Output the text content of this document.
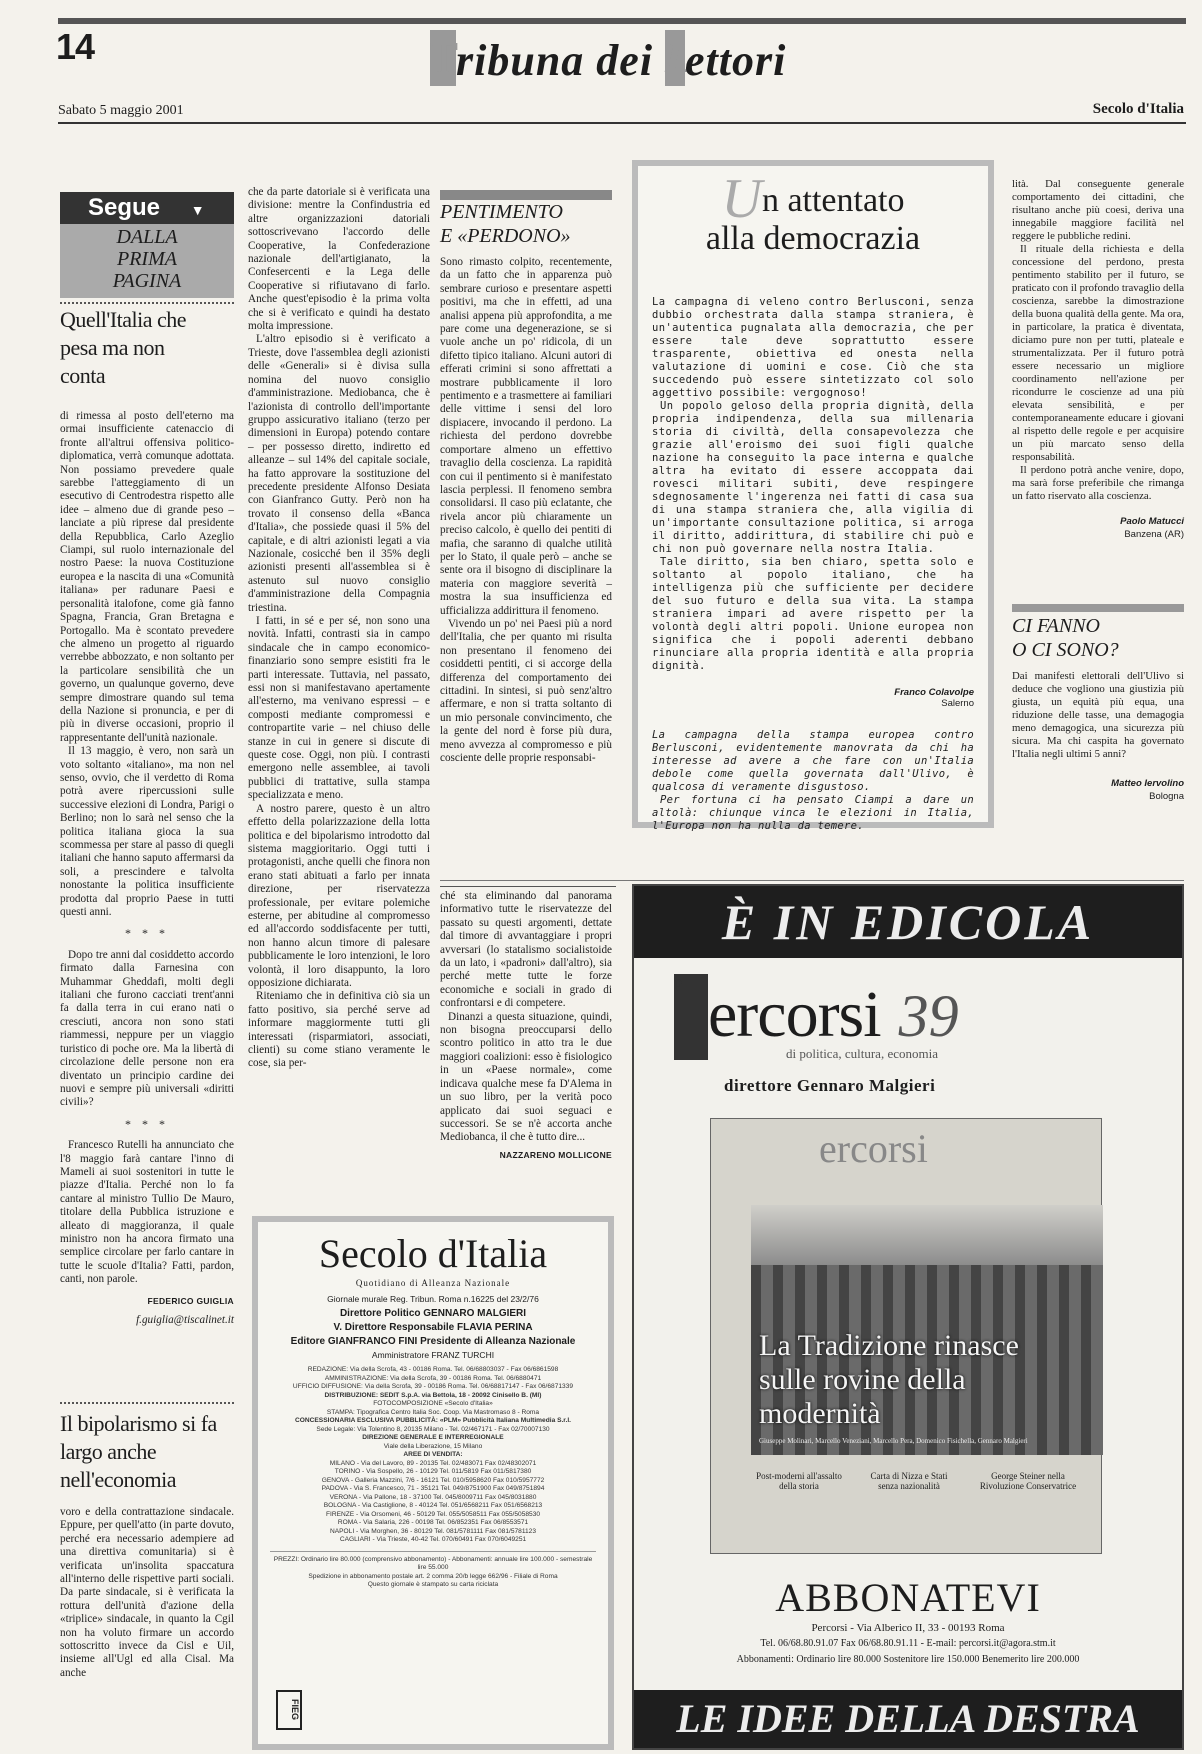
14	Tribuna dei Lettori
Sabato 5 maggio 2001	Secolo d'Italia
Segue ▼
DALLA
PRIMA
PAGINA
Quell'Italia che pesa ma non conta

di rimessa al posto dell'eterno ma ormai insufficiente catenaccio di fronte all'altrui offensiva politico-diplomatica, verrà comunque adottata. Non possiamo prevedere quale sarebbe l'atteggiamento di un esecutivo di Centrodestra rispetto alle idee – almeno due di grande peso – lanciate a più riprese dal presidente della Repubblica, Carlo Azeglio Ciampi, sul ruolo internazionale del nostro Paese: la nuova Costituzione europea e la nascita di una «Comunità italiana» per radunare Paesi e personalità italofone, come già fanno Spagna, Francia, Gran Bretagna e Portogallo. Ma è scontato prevedere che almeno un progetto al riguardo verrebbe abbozzato, e non soltanto per la particolare sensibilità che un governo, un qualunque governo, deve sempre dimostrare quando sul tema della Nazione si pronuncia, e per di più in diverse occasioni, proprio il rappresentante dell'unità nazionale.

Il 13 maggio, è vero, non sarà un voto soltanto «italiano», ma non nel senso, ovvio, che il verdetto di Roma potrà avere ripercussioni sulle successive elezioni di Londra, Parigi o Berlino; non lo sarà nel senso che la politica italiana gioca la sua scommessa per stare al passo di quegli italiani che hanno saputo affermarsi da soli, a prescindere e talvolta nonostante la politica insufficiente prodotta dal proprio Paese in tutti questi anni.

* * *

Dopo tre anni dal cosiddetto accordo firmato dalla Farnesina con Muhammar Gheddafi, molti degli italiani che furono cacciati trent'anni fa dalla terra in cui erano nati o cresciuti, ancora non sono stati riammessi, neppure per un viaggio turistico di poche ore. Ma la libertà di circolazione delle persone non era diventato un principio cardine dei nuovi e sempre più universali «diritti civili»?

* * *

Francesco Rutelli ha annunciato che l'8 maggio farà cantare l'inno di Mameli ai suoi sostenitori in tutte le piazze d'Italia. Perché non lo fa cantare al ministro Tullio De Mauro, titolare della Pubblica istruzione e alleato di maggioranza, il quale ministro non ha ancora firmato una semplice circolare per farlo cantare in tutte le scuole d'Italia? Fatti, pardon, canti, non parole.

FEDERICO GUIGLIA
f.guiglia@tiscalinet.it
Il bipolarismo si fa largo anche nell'economia

voro e della contrattazione sindacale. Eppure, per quell'atto (in parte dovuto, perché era necessario adempiere ad una direttiva comunitaria) si è verificata un'insolita spaccatura all'interno delle rispettive parti sociali. Da parte sindacale, si è verificata la rottura dell'unità d'azione della «triplice» sindacale, in quanto la Cgil non ha voluto firmare un accordo sottoscritto invece da Cisl e Uil, insieme all'Ugl ed alla Cisal. Ma anche

che da parte datoriale si è verificata una divisione: mentre la Confindustria ed altre organizzazioni datoriali sottoscrivevano l'accordo delle Cooperative, la Confederazione nazionale dell'artigianato, la Confesercenti e la Lega delle Cooperative si rifiutavano di farlo. Anche quest'episodio è la prima volta che si è verificato e quindi ha destato molta impressione.

L'altro episodio si è verificato a Trieste, dove l'assemblea degli azionisti delle «Generali» si è divisa sulla nomina del nuovo consiglio d'amministrazione. Mediobanca, che è l'azionista di controllo dell'importante gruppo assicurativo italiano (terzo per dimensioni in Europa) potendo contare – per possesso diretto, indiretto ed alleanze – sul 14% del capitale sociale, ha fatto approvare la sostituzione del precedente presidente Alfonso Desiata con Gianfranco Gutty. Però non ha trovato il consenso della «Banca d'Italia», che possiede quasi il 5% del capitale, e di altri azionisti legati a via Nazionale, cosicché ben il 35% degli azionisti presenti all'assemblea si è astenuto sul nuovo consiglio d'amministrazione della Compagnia triestina.

I fatti, in sé e per sé, non sono una novità. Infatti, contrasti sia in campo sindacale che in campo economico-finanziario sono sempre esistiti fra le parti interessate. Tuttavia, nel passato, essi non si manifestavano apertamente all'esterno, ma venivano espressi – e composti mediante compromessi e contropartite varie – nel chiuso delle stanze in cui in genere si discute di queste cose. Oggi, non più. I contrasti emergono nelle assemblee, ai tavoli pubblici di trattative, sulla stampa specializzata e meno.

A nostro parere, questo è un altro effetto della polarizzazione della lotta politica e del bipolarismo introdotto dal sistema maggioritario. Oggi tutti i protagonisti, anche quelli che finora non erano stati abituati a farlo per innata direzione, per riservatezza professionale, per evitare polemiche esterne, per abitudine al compromesso ed all'accordo soddisfacente per tutti, non hanno alcun timore di palesare pubblicamente le loro intenzioni, le loro volontà, il loro disappunto, la loro opposizione dichiarata.

Riteniamo che in definitiva ciò sia un fatto positivo, sia perché serve ad informare maggiormente tutti gli interessati (risparmiatori, associati, clienti) su come stiano veramente le cose, sia per-

PENTIMENTO
E «PERDONO»

Sono rimasto colpito, recentemente, da un fatto che in apparenza può sembrare curioso e presentare aspetti positivi, ma che in effetti, ad una analisi appena più approfondita, a me pare come una degenerazione, se si vuole anche un po' ridicola, di un difetto tipico italiano. Alcuni autori di efferati crimini si sono affrettati a mostrare pubblicamente il loro pentimento e a trasmettere ai familiari delle vittime i sensi del loro dispiacere, invocando il perdono. La richiesta del perdono dovrebbe comportare almeno un effettivo travaglio della coscienza. La rapidità con cui il pentimento si è manifestato lascia perplessi. Il fenomeno sembra consolidarsi. Il caso più eclatante, che rivela ancor più chiaramente un preciso calcolo, è quello dei pentiti di mafia, che saranno di qualche utilità per lo Stato, il quale però – anche se sente ora il bisogno di disciplinare la materia con maggiore severità – mostra la sua insufficienza ed ufficializza addirittura il fenomeno.

Vivendo un po' nei Paesi più a nord dell'Italia, che per quanto mi risulta non presentano il fenomeno dei cosiddetti pentiti, ci si accorge della differenza del comportamento dei cittadini. In sintesi, si può senz'altro affermare, e non si tratta soltanto di un mio personale convincimento, che la gente del nord è forse più dura, meno avvezza al compromesso e più cosciente delle proprie responsabi-

ché sta eliminando dal panorama informativo tutte le riservatezze del passato su questi argomenti, dettate dal timore di avvantaggiare i propri avversari (lo statalismo socialistoide da un lato, i «padroni» dall'altro), sia perché mette tutte le forze economiche e sociali in grado di confrontarsi e di competere.

Dinanzi a questa situazione, quindi, non bisogna preoccuparsi dello scontro politico in atto tra le due maggiori coalizioni: esso è fisiologico in un «Paese normale», come indicava qualche mese fa D'Alema in un suo libro, per la verità poco applicato dai suoi seguaci e successori. Se se n'è accorta anche Mediobanca, il che è tutto dire...

NAZZARENO MOLLICONE
Un attentato
alla democrazia

La campagna di veleno contro Berlusconi, senza dubbio orchestrata dalla stampa straniera, è un'autentica pugnalata alla democrazia, che per essere tale deve soprattutto essere trasparente, obiettiva ed onesta nella valutazione di uomini e cose. Ciò che sta succedendo può essere sintetizzato col solo aggettivo possibile: vergognoso!

Un popolo geloso della propria dignità, della propria indipendenza, della sua millenaria storia di civiltà, della consapevolezza che grazie all'eroismo dei suoi figli qualche nazione ha conseguito la pace interna e qualche altra ha evitato di essere accoppata dai rovesci militari subiti, deve respingere sdegnosamente l'ingerenza nei fatti di casa sua di una stampa straniera che, alla vigilia di un'importante consultazione politica, si arroga il diritto, addirittura, di stabilire chi può e chi non può governare nella nostra Italia.

Tale diritto, sia ben chiaro, spetta solo e soltanto al popolo italiano, che ha intelligenza più che sufficiente per decidere del suo futuro e della sua vita. La stampa straniera impari ad avere rispetto per la volontà degli altri popoli. Unione europea non significa che i popoli aderenti debbano rinunciare alla propria identità e alla propria dignità.

Franco Colavolpe
Salerno

La campagna della stampa europea contro Berlusconi, evidentemente manovrata da chi ha interesse ad avere a che fare con un'Italia debole come quella governata dall'Ulivo, è qualcosa di veramente disgustoso.

Per fortuna ci ha pensato Ciampi a dare un altolà: chiunque vinca le elezioni in Italia, l'Europa non ha nulla da temere.

lità. Dal conseguente generale comportamento dei cittadini, che risultano anche più coesi, deriva una innegabile maggiore facilità nel reggere le pubbliche redini.

Il rituale della richiesta e della concessione del perdono, presta pentimento stabilito per il futuro, se praticato con il profondo travaglio della coscienza, sarebbe la dimostrazione della buona qualità della gente. Ma ora, in particolare, la pratica è diventata, diciamo pure non per tutti, plateale e strumentalizzata. Per il futuro potrà essere necessario un migliore coordinamento nell'azione per ricondurre le coscienze ad una più elevata sensibilità, e per contemporaneamente educare i giovani al rispetto delle regole e per acquisire un più marcato senso della responsabilità.

Il perdono potrà anche venire, dopo, ma sarà forse preferibile che rimanga un fatto riservato alla coscienza.

Paolo Matucci
Banzena (AR)
CI FANNO
O CI SONO?

Dai manifesti elettorali dell'Ulivo si deduce che vogliono una giustizia più giusta, un equità più equa, una riduzione delle tasse, una demagogia meno demagogica, una sicurezza più sicura. Ma chi caspita ha governato l'Italia negli ultimi 5 anni?

Matteo Iervolino
Bologna
Secolo d'Italia
Quotidiano di Alleanza Nazionale
Giornale murale Reg. Tribun. Roma n.16225 del 23/2/76
Direttore Politico GENNARO MALGIERI
V. Direttore Responsabile FLAVIA PERINA
Editore GIANFRANCO FINI Presidente di Alleanza Nazionale
Amministratore FRANZ TURCHI
REDAZIONE: Via della Scrofa, 43 - 00186 Roma. Tel. 06/68803037 - Fax 06/6861598
AMMINISTRAZIONE: Via della Scrofa, 39 - 00186 Roma. Tel. 06/6880471
UFFICIO DIFFUSIONE: Via della Scrofa, 39 - 00186 Roma. Tel. 06/68817147 - Fax 06/6871339
DISTRIBUZIONE: SEDIT S.p.A. via Bettola, 18 - 20092 Cinisello B. (MI)
FOTOCOMPOSIZIONE «Secolo d'Italia»
STAMPA: Tipografica Centro Italia Soc. Coop. Via Mastromaso 8 - Roma
CONCESSIONARIA ESCLUSIVA PUBBLICITÀ: «PLM» Pubblicità Italiana Multimedia S.r.l.
Sede Legale: Via Tolentino 8, 20135 Milano - Tel. 02/467171 - Fax 02/70007130
DIREZIONE GENERALE E INTERREGIONALE
Viale della Liberazione, 15 Milano
AREE DI VENDITA:
MILANO - Via del Lavoro, 89 - 20135 Tel. 02/483071 Fax 02/48302071
TORINO - Via Sospello, 26 - 10129 Tel. 011/5819 Fax 011/5817380
GENOVA - Galleria Mazzini, 7/6 - 16121 Tel. 010/5958620 Fax 010/5957772
PADOVA - Via S. Francesco, 71 - 35121 Tel. 049/8751900 Fax 049/8751894
VERONA - Via Pallone, 18 - 37100 Tel. 045/8009711 Fax 045/8031880
BOLOGNA - Via Castiglione, 8 - 40124 Tel. 051/6568211 Fax 051/6568213
FIRENZE - Via Orsomeni, 46 - 50129 Tel. 055/5058511 Fax 055/5058530
ROMA - Via Salaria, 226 - 00198 Tel. 06/852351 Fax 06/8553571
NAPOLI - Via Morghen, 36 - 80129 Tel. 081/5781111 Fax 081/5781123
CAGLIARI - Via Trieste, 40-42 Tel. 070/60491 Fax 070/6049251
PREZZI: Ordinario lire 80.000 (comprensivo abbonamento) - Abbonamenti: annuale lire 100.000 - semestrale lire 55.000
Spedizione in abbonamento postale art. 2 comma 20/b legge 662/96 - Filiale di Roma
Questo giornale è stampato su carta riciclata
FIEG
È IN EDICOLA
p ercorsi 39
di politica, cultura, economia
direttore Gennaro Malgieri
ercorsi
La Tradizione rinasce sulle rovine della modernità
Giuseppe Molinari, Marcello Veneziani, Marcello Pera, Domenico Fisichella, Gennaro Malgieri
Post-moderni all'assalto della storia
Carta di Nizza e Stati senza nazionalità
George Steiner nella Rivoluzione Conservatrice
ABBONATEVI
Percorsi - Via Alberico II, 33 - 00193 Roma
Tel. 06/68.80.91.07 Fax 06/68.80.91.11 - E-mail: percorsi.it@agora.stm.it
Abbonamenti: Ordinario lire 80.000 Sostenitore lire 150.000 Benemerito lire 200.000
LE IDEE DELLA DESTRA
